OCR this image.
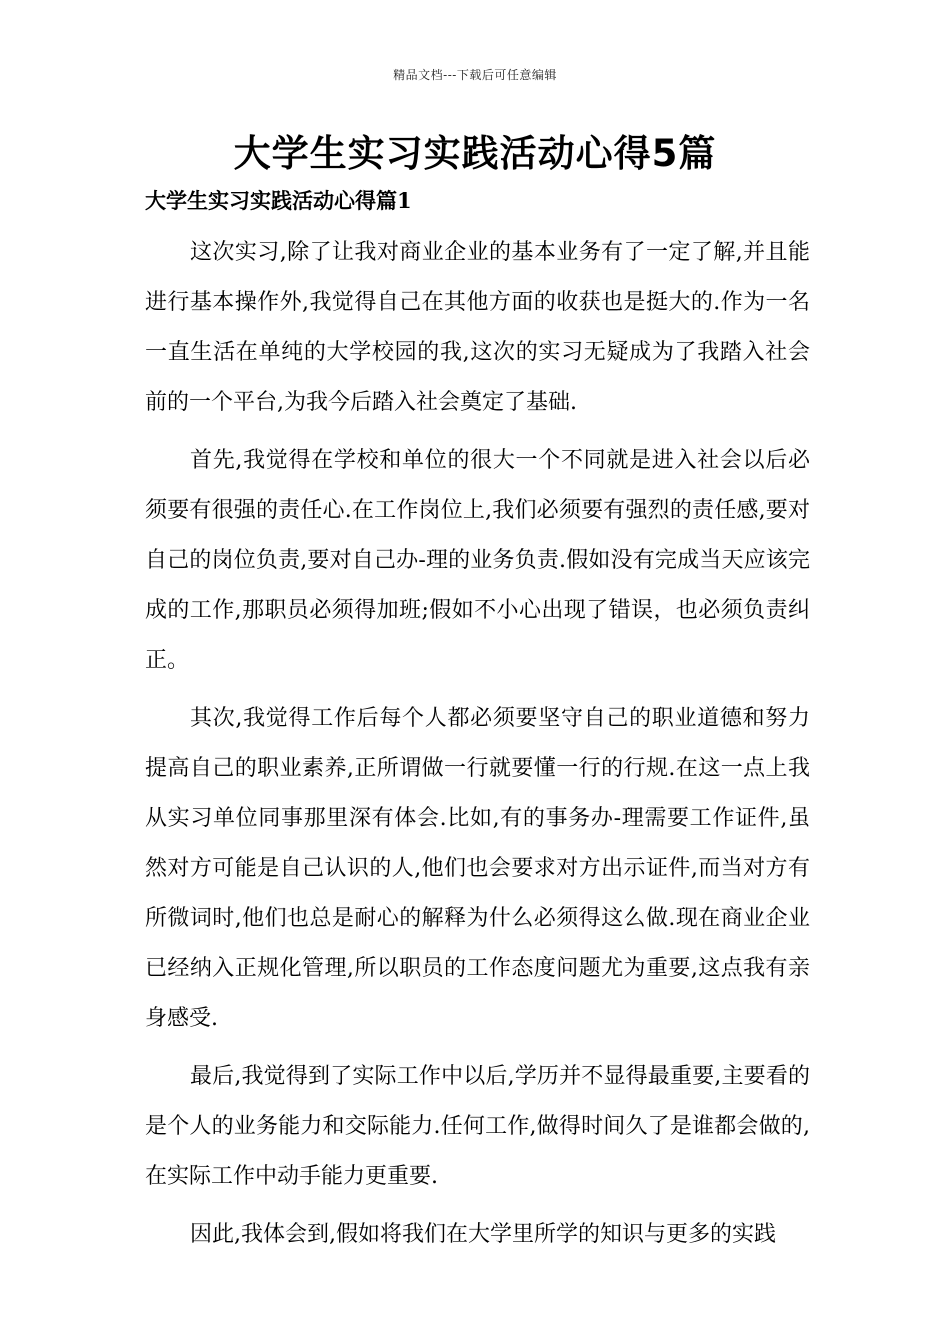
精品文档---下载后可任意编辑
大学生实习实践活动心得5篇
大学生实习实践活动心得篇1

这次实习,除了让我对商业企业的基本业务有了一定了解,并且能进行基本操作外,我觉得自己在其他方面的收获也是挺大的.作为一名一直生活在单纯的大学校园的我,这次的实习无疑成为了我踏入社会前的一个平台,为我今后踏入社会奠定了基础.

首先,我觉得在学校和单位的很大一个不同就是进入社会以后必须要有很强的责任心.在工作岗位上,我们必须要有强烈的责任感,要对自己的岗位负责,要对自己办-理的业务负责.假如没有完成当天应该完成的工作,那职员必须得加班;假如不小心出现了错误，也必须负责纠正。

其次,我觉得工作后每个人都必须要坚守自己的职业道德和努力提高自己的职业素养,正所谓做一行就要懂一行的行规.在这一点上我从实习单位同事那里深有体会.比如,有的事务办-理需要工作证件,虽然对方可能是自己认识的人,他们也会要求对方出示证件,而当对方有所微词时,他们也总是耐心的解释为什么必须得这么做.现在商业企业已经纳入正规化管理,所以职员的工作态度问题尤为重要,这点我有亲身感受.

最后,我觉得到了实际工作中以后,学历并不显得最重要,主要看的是个人的业务能力和交际能力.任何工作,做得时间久了是谁都会做的,在实际工作中动手能力更重要.

因此,我体会到,假如将我们在大学里所学的知识与更多的实践
